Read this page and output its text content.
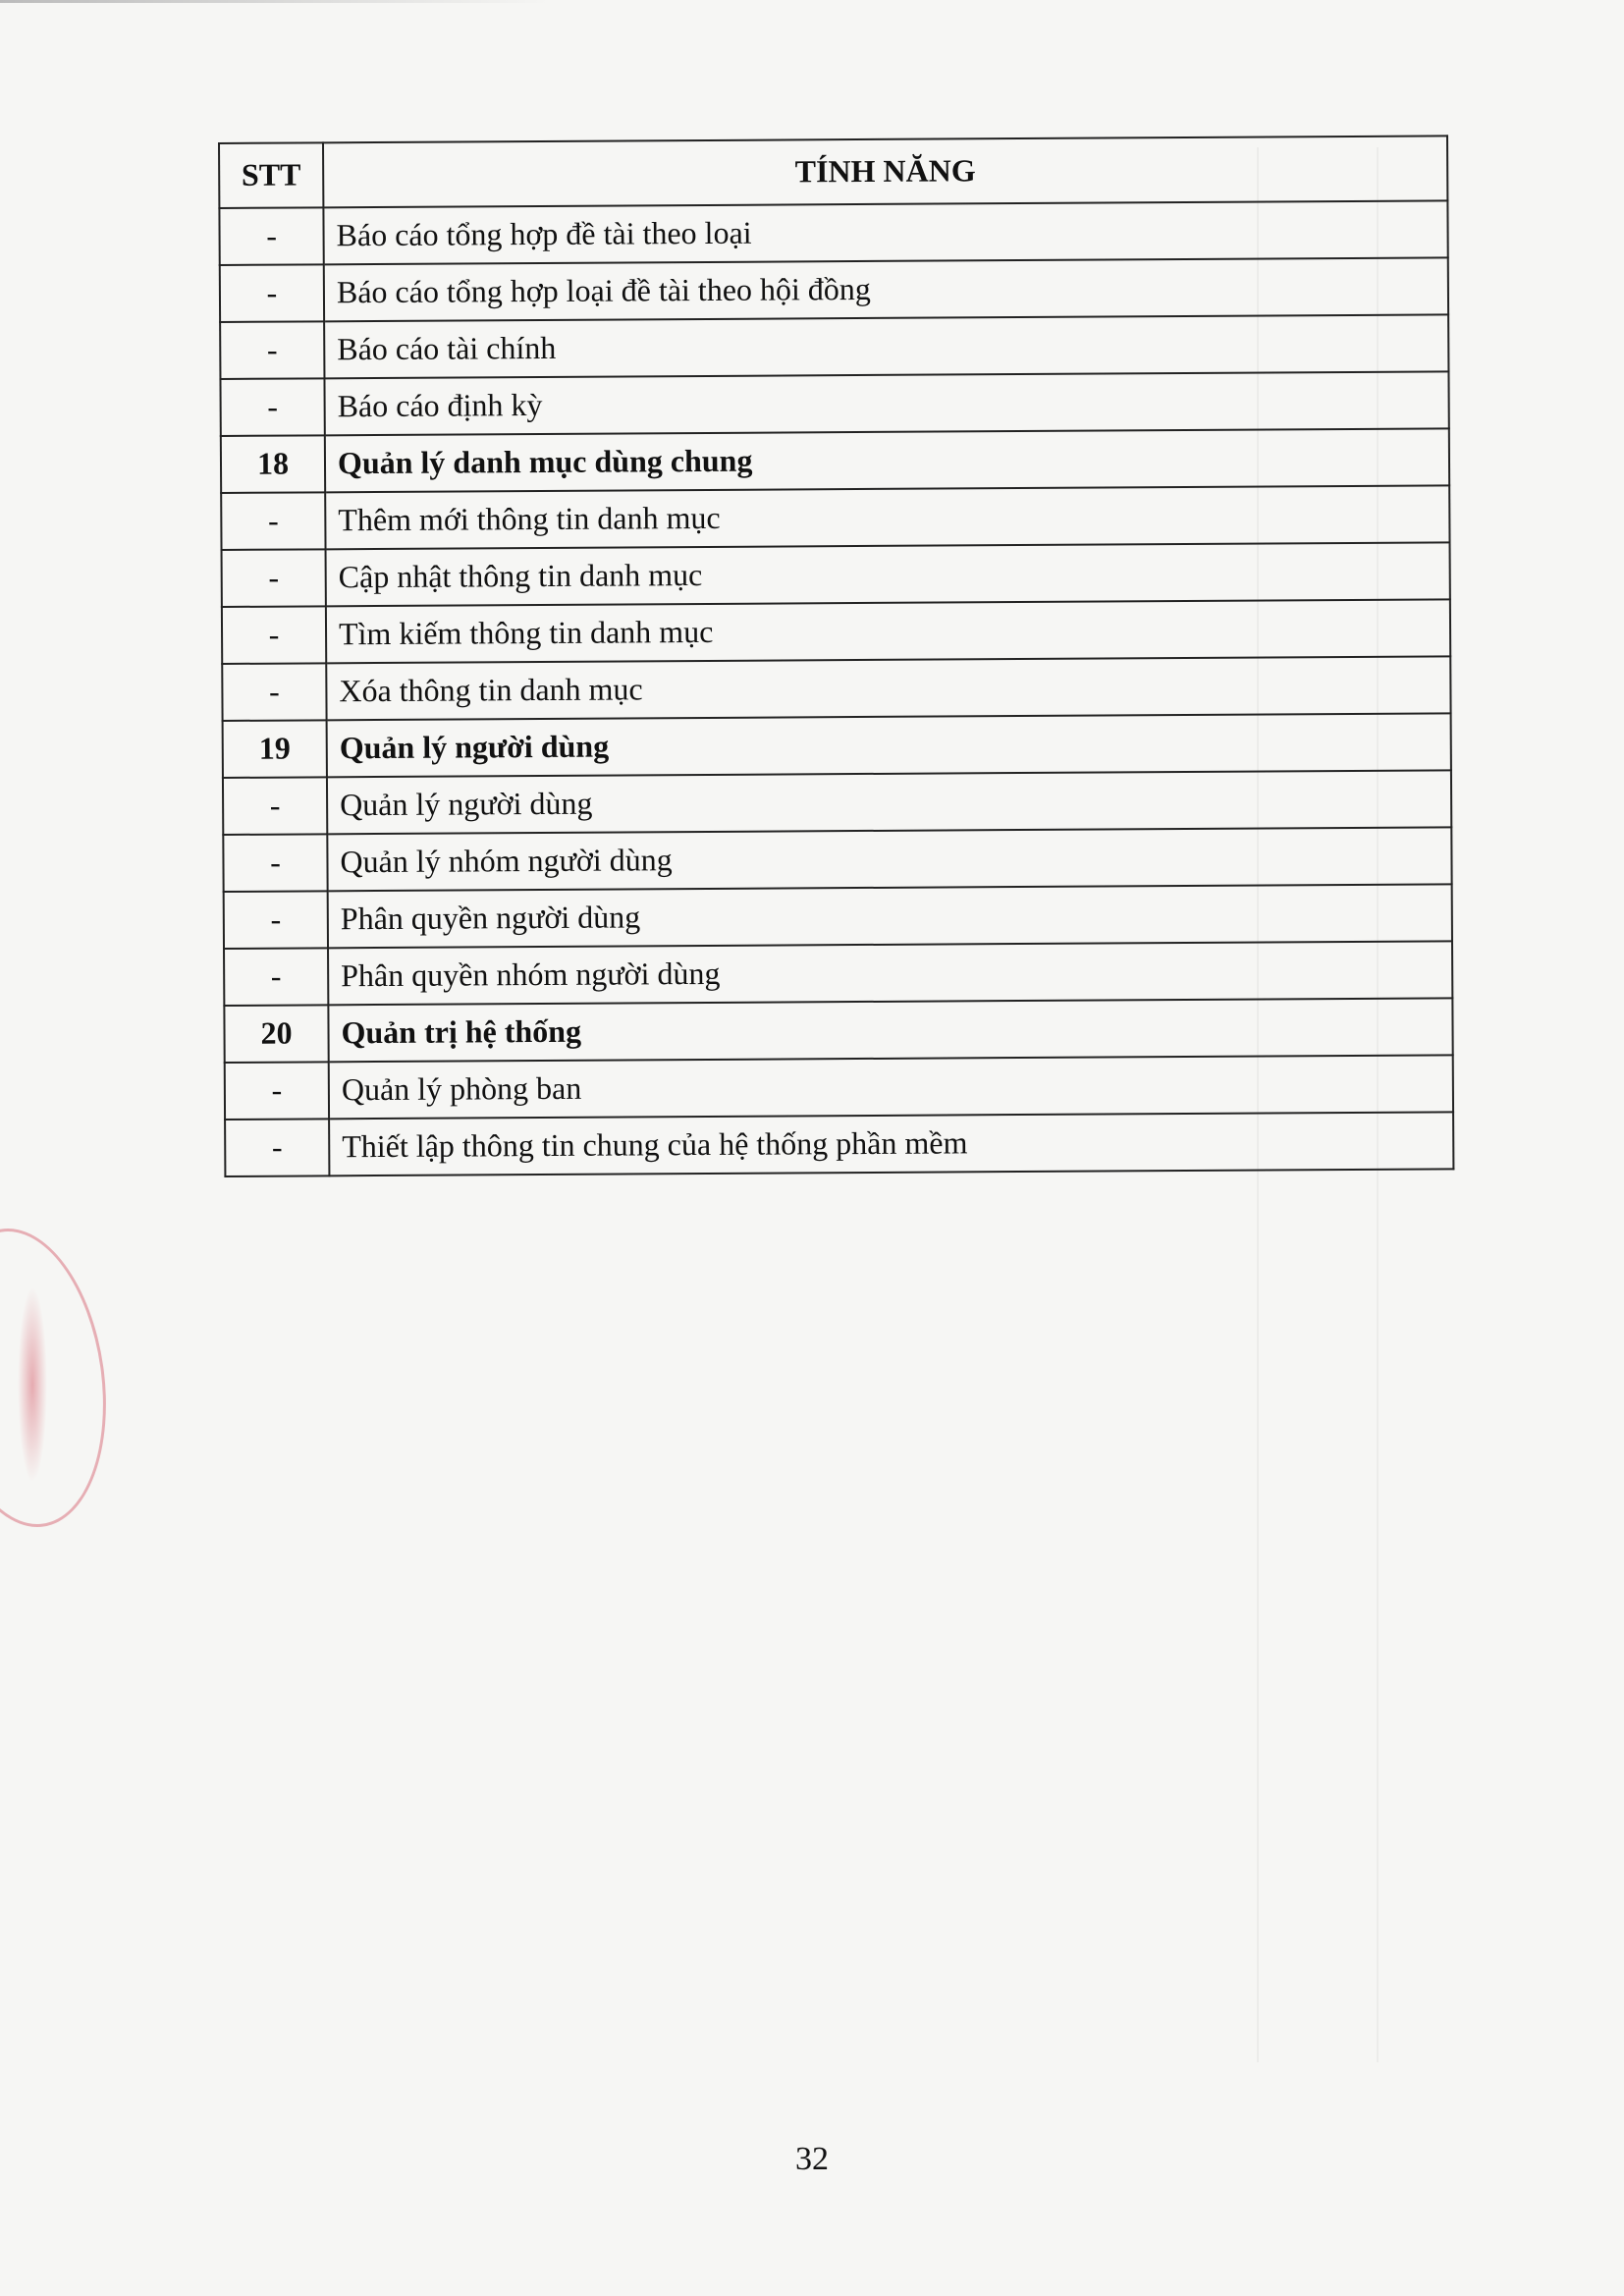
STT	TÍNH NĂNG
-	Báo cáo tổng hợp đề tài theo loại
-	Báo cáo tổng hợp loại đề tài theo hội đồng
-	Báo cáo tài chính
-	Báo cáo định kỳ
18	Quản lý danh mục dùng chung
-	Thêm mới thông tin danh mục
-	Cập nhật thông tin danh mục
-	Tìm kiếm thông tin danh mục
-	Xóa thông tin danh mục
19	Quản lý người dùng
-	Quản lý người dùng
-	Quản lý nhóm người dùng
-	Phân quyền người dùng
-	Phân quyền nhóm người dùng
20	Quản trị hệ thống
-	Quản lý phòng ban
-	Thiết lập thông tin chung của hệ thống phần mềm
32
